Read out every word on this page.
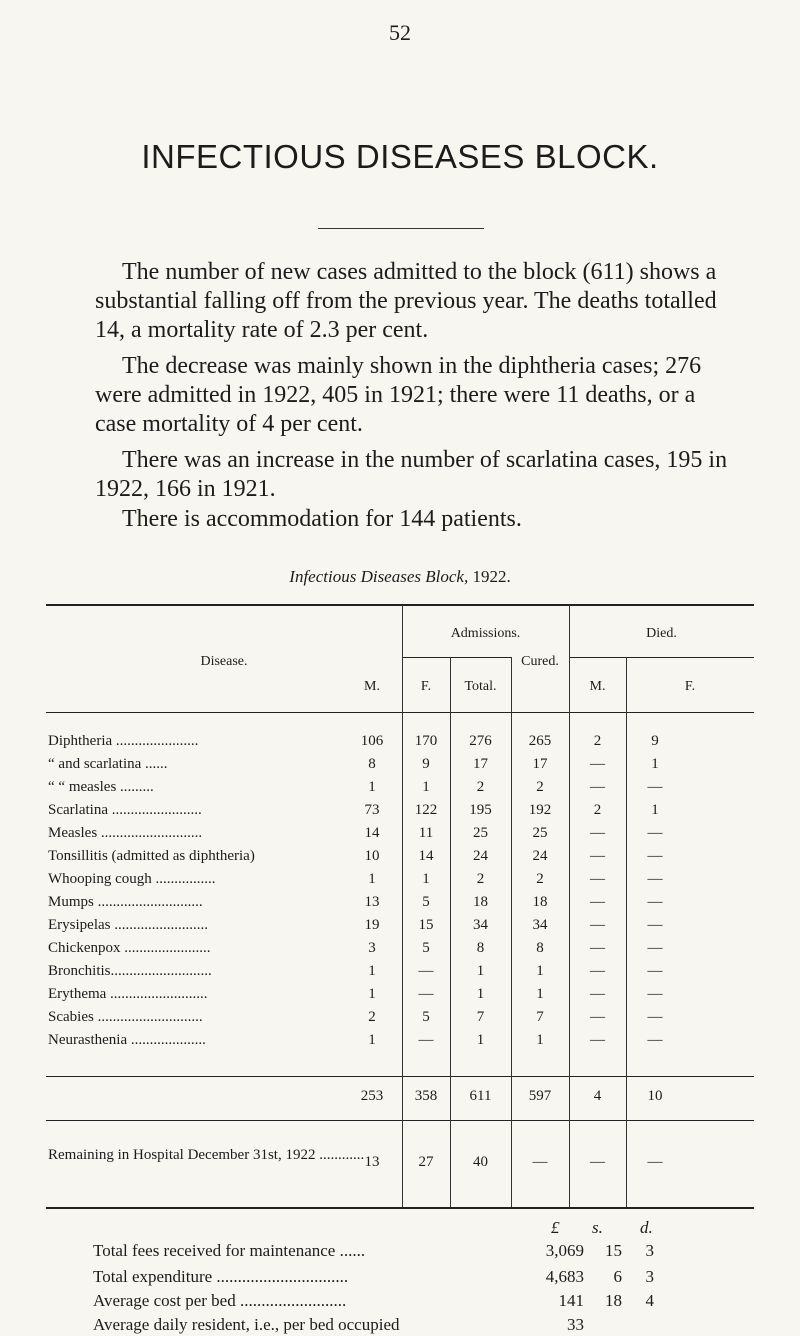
52
INFECTIOUS DISEASES BLOCK.

The number of new cases admitted to the block (611) shows a substantial falling off from the previous year. The deaths totalled 14, a mortality rate of 2.3 per cent.

The decrease was mainly shown in the diphtheria cases; 276 were admitted in 1922, 405 in 1921; there were 11 deaths, or a case mortality of 4 per cent.

There was an increase in the number of scarlatina cases, 195 in 1922, 166 in 1921.

There is accommodation for 144 patients.

Infectious Diseases Block, 1922.
Admissions.
Disease.	Cured.
Died.
M.	F.	Total.	M.	F.
Diphtheria ......................	106	170	276	265	2	9
“ and scarlatina ......	8	9	17	17	—	1
“ “ measles .........	1	1	2	2	—	—
Scarlatina ........................	73	122	195	192	2	1
Measles ...........................	14	11	25	25	—	—
Tonsillitis (admitted as diphtheria)	10	14	24	24	—	—
Whooping cough ................	1	1	2	2	—	—
Mumps ............................	13	5	18	18	—	—
Erysipelas .........................	19	15	34	34	—	—
Chickenpox .......................	3	5	8	8	—	—
Bronchitis...........................	1	—	1	1	—	—
Erythema ..........................	1	—	1	1	—	—
Scabies ............................	2	5	7	7	—	—
Neurasthenia ....................	1	—	1	1	—	—
253	358	611	597	4	10
Remaining in Hospital December 31st, 1922 ............ 13	27	40	—	—	—
£ s. d.
Total fees received for maintenance ......	3,069	15	3
Total expenditure ...............................	4,683	6	3
Average cost per bed .........................	141	18	4
Average daily resident, i.e., per bed occupied	33
